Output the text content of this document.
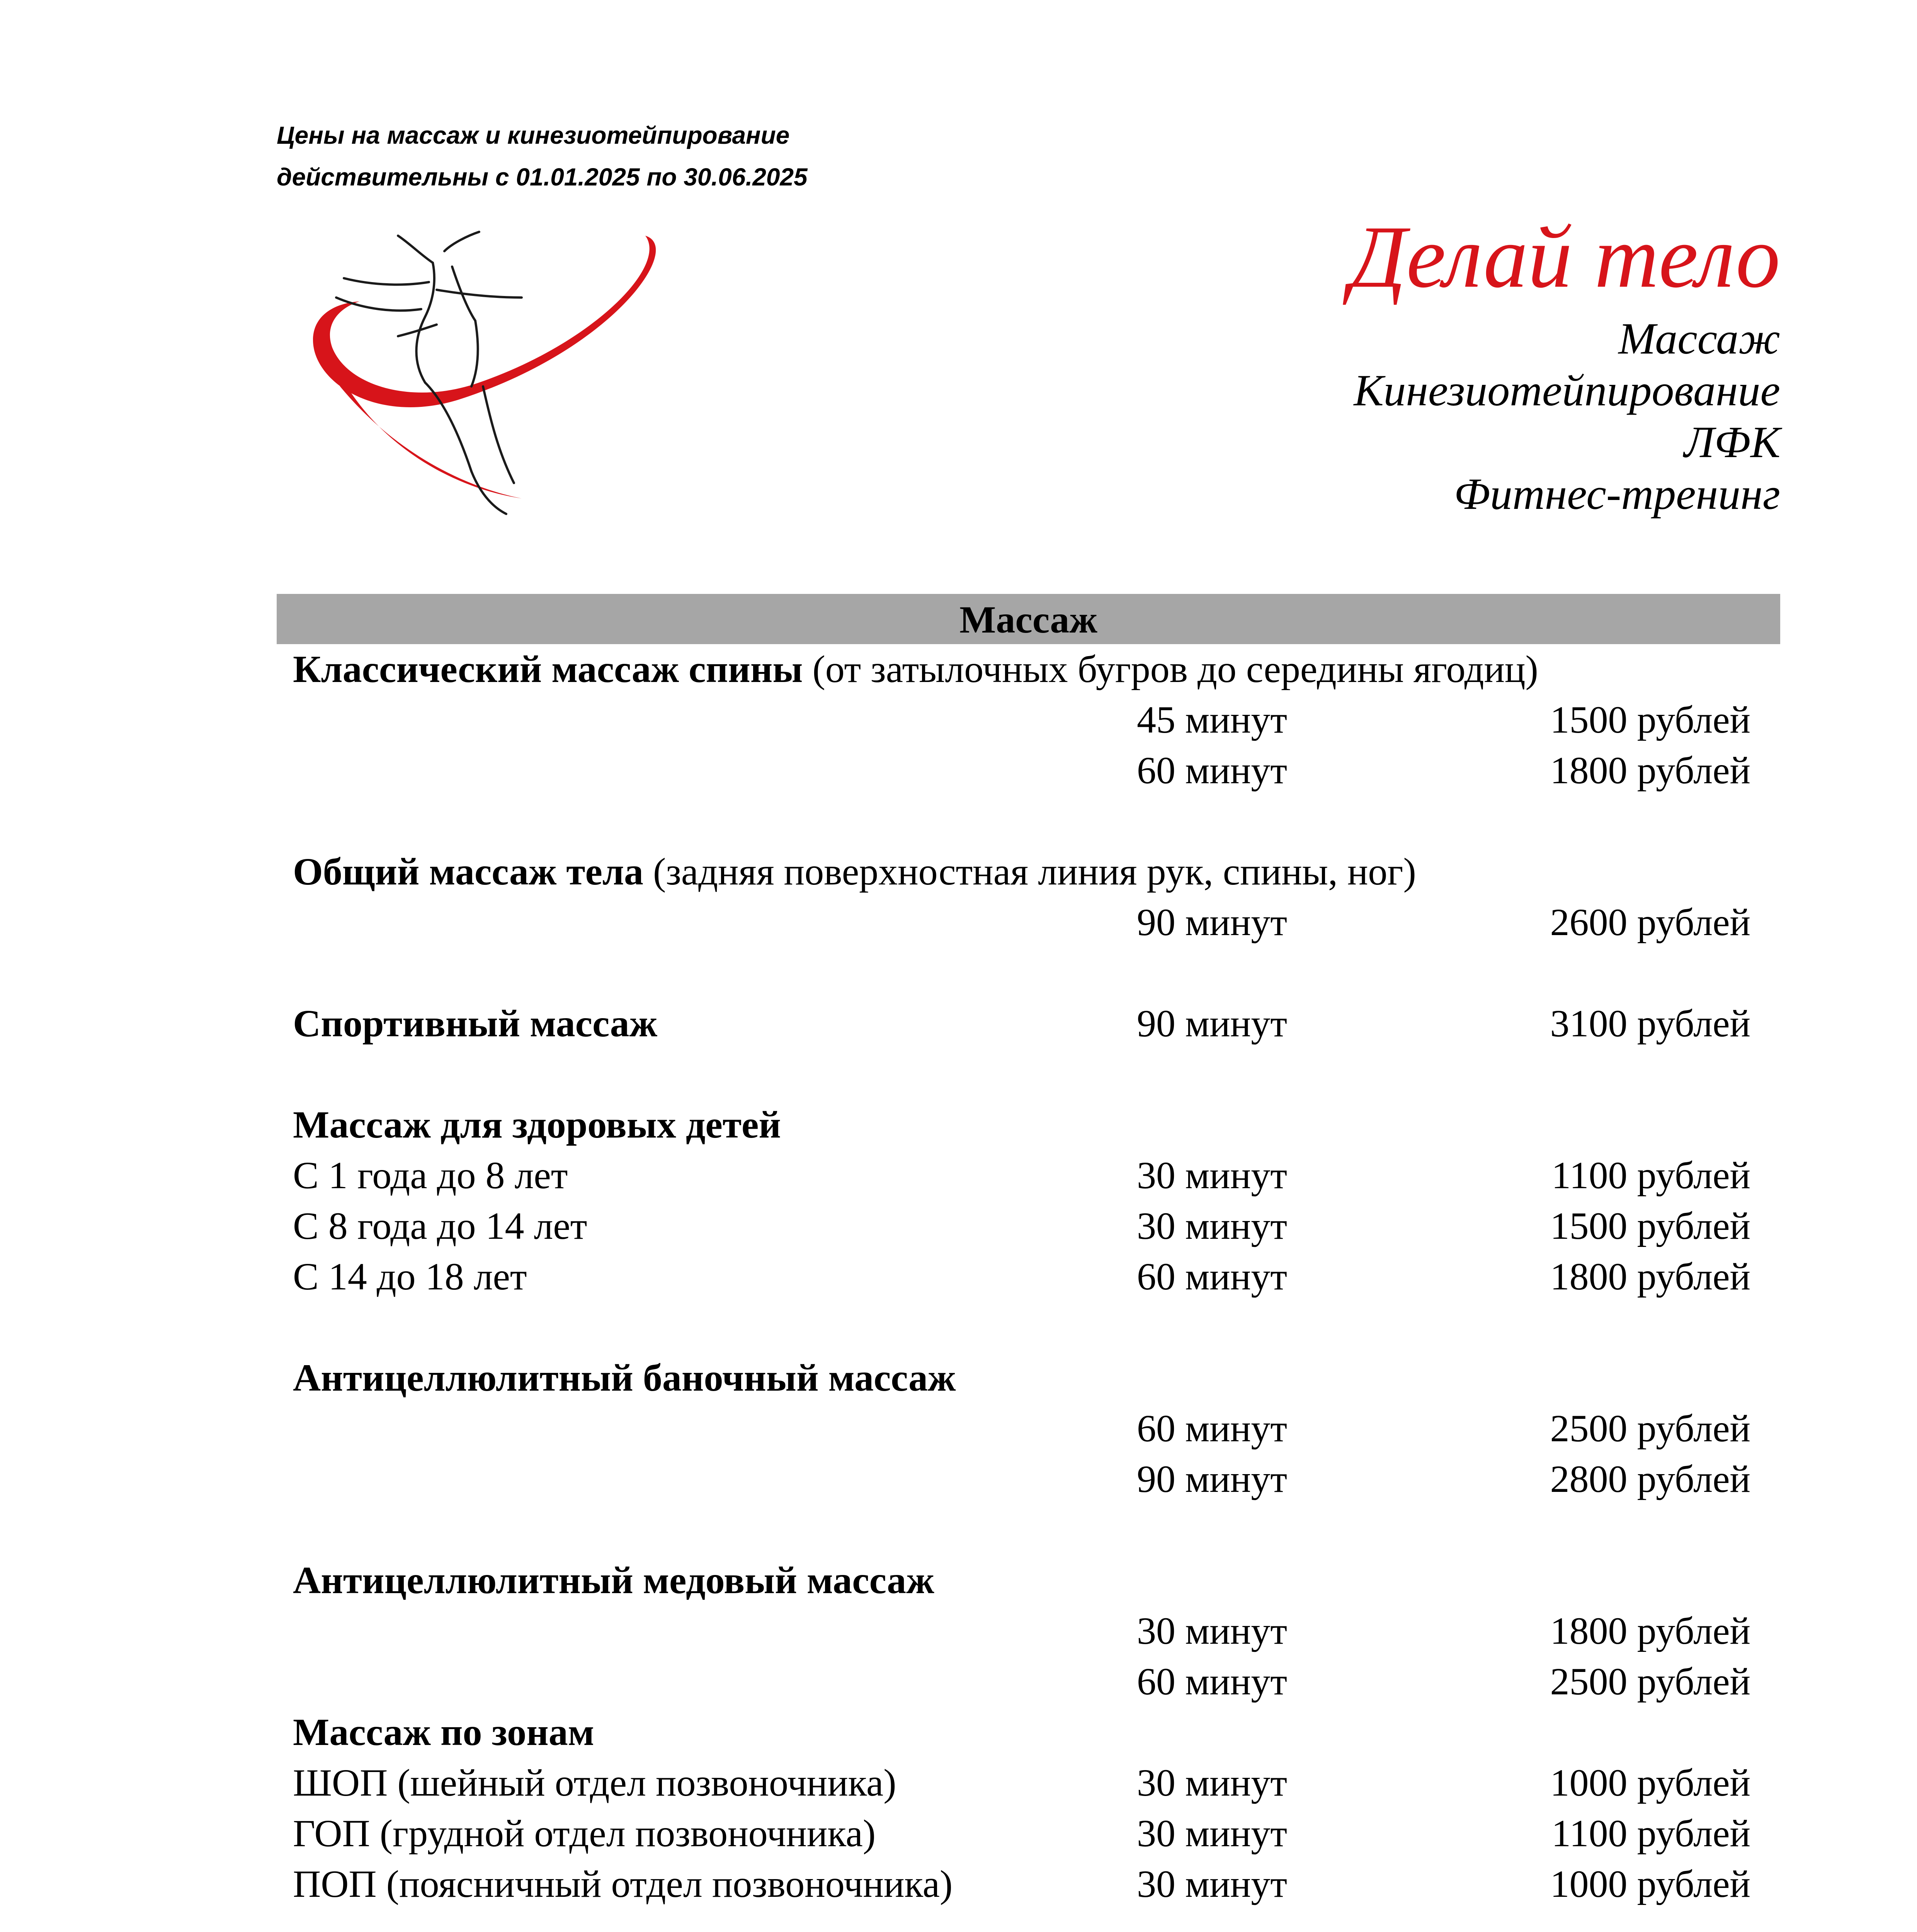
Цены на массаж и кинезиотейпирование
действительны с 01.01.2025 по 30.06.2025
Делай тело
Массаж
Кинезиотейпирование
ЛФК
Фитнес-тренинг
Массаж
Классический массаж спины (от затылочных бугров до середины ягодиц)
45 минут	1500 рублей
60 минут	1800 рублей
Общий массаж тела (задняя поверхностная линия рук, спины, ног)
90 минут	2600 рублей
Спортивный массаж	90 минут	3100 рублей
Массаж для здоровых детей
С 1 года до 8 лет	30 минут	1100 рублей
С 8 года до 14 лет	30 минут	1500 рублей
С 14 до 18 лет	60 минут	1800 рублей
Антицеллюлитный баночный массаж
60 минут	2500 рублей
90 минут	2800 рублей
Антицеллюлитный медовый массаж
30 минут	1800 рублей
60 минут	2500 рублей
Массаж по зонам
ШОП (шейный отдел позвоночника)	30 минут	1000 рублей
ГОП (грудной отдел позвоночника)	30 минут	1100 рублей
ПОП (поясничный отдел позвоночника)	30 минут	1000 рублей
